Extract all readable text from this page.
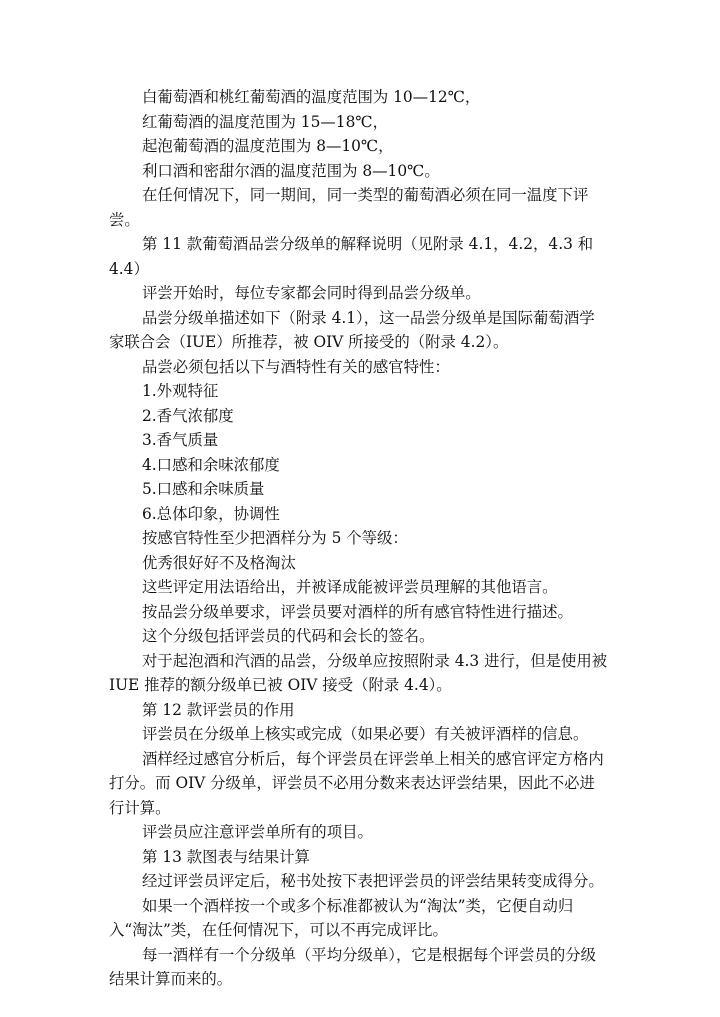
白葡萄酒和桃红葡萄酒的温度范围为 10—12℃，

红葡萄酒的温度范围为 15—18℃，

起泡葡萄酒的温度范围为 8—10℃，

利口酒和密甜尔酒的温度范围为 8—10℃。

在任何情况下，同一期间，同一类型的葡萄酒必须在同一温度下评尝。

第 11 款葡萄酒品尝分级单的解释说明（见附录 4.1，4.2，4.3 和 4.4）

评尝开始时，每位专家都会同时得到品尝分级单。

品尝分级单描述如下（附录 4.1），这一品尝分级单是国际葡萄酒学家联合会（IUE）所推荐，被 OIV 所接受的（附录 4.2）。

品尝必须包括以下与酒特性有关的感官特性：

1.外观特征

2.香气浓郁度

3.香气质量

4.口感和余味浓郁度

5.口感和余味质量

6.总体印象，协调性

按感官特性至少把酒样分为 5 个等级：

优秀很好好不及格淘汰

这些评定用法语给出，并被译成能被评尝员理解的其他语言。

按品尝分级单要求，评尝员要对酒样的所有感官特性进行描述。

这个分级包括评尝员的代码和会长的签名。

对于起泡酒和汽酒的品尝，分级单应按照附录 4.3 进行，但是使用被 IUE 推荐的额分级单已被 OIV 接受（附录 4.4）。

第 12 款评尝员的作用

评尝员在分级单上核实或完成（如果必要）有关被评酒样的信息。

酒样经过感官分析后，每个评尝员在评尝单上相关的感官评定方格内打分。而 OIV 分级单，评尝员不必用分数来表达评尝结果，因此不必进行计算。

评尝员应注意评尝单所有的项目。

第 13 款图表与结果计算

经过评尝员评定后，秘书处按下表把评尝员的评尝结果转变成得分。

如果一个酒样按一个或多个标准都被认为“淘汰”类，它便自动归入“淘汰”类，在任何情况下，可以不再完成评比。

每一酒样有一个分级单（平均分级单），它是根据每个评尝员的分级结果计算而来的。
